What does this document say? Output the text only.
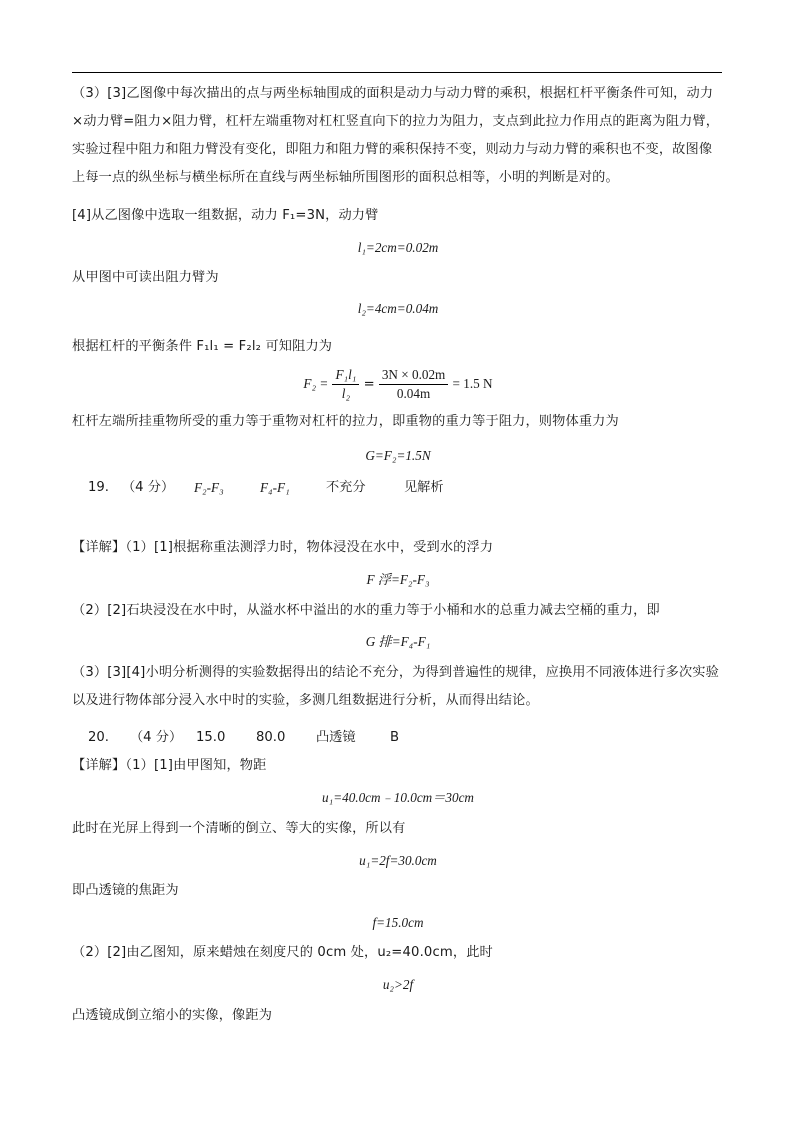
（3）[3]乙图像中每次描出的点与两坐标轴围成的面积是动力与动力臂的乘积，根据杠杆平衡条件可知，动力×动力臂=阻力×阻力臂，杠杆左端重物对杠杠竖直向下的拉力为阻力，支点到此拉力作用点的距离为阻力臂，实验过程中阻力和阻力臂没有变化，即阻力和阻力臂的乘积保持不变，则动力与动力臂的乘积也不变，故图像上每一点的纵坐标与横坐标所在直线与两坐标轴所围图形的面积总相等，小明的判断是对的。
[4]从乙图像中选取一组数据，动力 F₁=3N，动力臂
l₁=2cm=0.02m
从甲图中可读出阻力臂为
l₂=4cm=0.04m
根据杠杆的平衡条件 F₁l₁ = F₂l₂ 可知阻力为
$F_2 = \frac{\text{F₁l₁}}{\text{l₂}} = \frac{3N \times 0.02m}{0.04m} = 1.5$ N
杠杆左端所挂重物所受的重力等于重物对杠杆的拉力，即重物的重力等于阻力，则物体重力为
G=F₂=1.5N
19. （4 分） F₂-F₃	F₄-F₁	不充分	见解析
【详解】（1）[1]根据称重法测浮力时，物体浸没在水中，受到水的浮力
F 浮=F₂-F₃
（2）[2]石块浸没在水中时，从溢水杯中溢出的水的重力等于小桶和水的总重力减去空桶的重力，即
G 排=F₄-F₁
（3）[3][4]小明分析测得的实验数据得出的结论不充分，为得到普遍性的规律，应换用不同液体进行多次实验以及进行物体部分浸入水中时的实验，多测几组数据进行分析，从而得出结论。
20. （4 分） 15.0 80.0 凸透镜	B
【详解】（1）[1]由甲图知，物距
u₁=40.0cm﹣10.0cm＝30cm
此时在光屏上得到一个清晰的倒立、等大的实像，所以有
u₁=2f=30.0cm
即凸透镜的焦距为
f=15.0cm
（2）[2]由乙图知，原来蜡烛在刻度尺的 0cm 处，u₂=40.0cm，此时
u₂>2f
凸透镜成倒立缩小的实像，像距为
